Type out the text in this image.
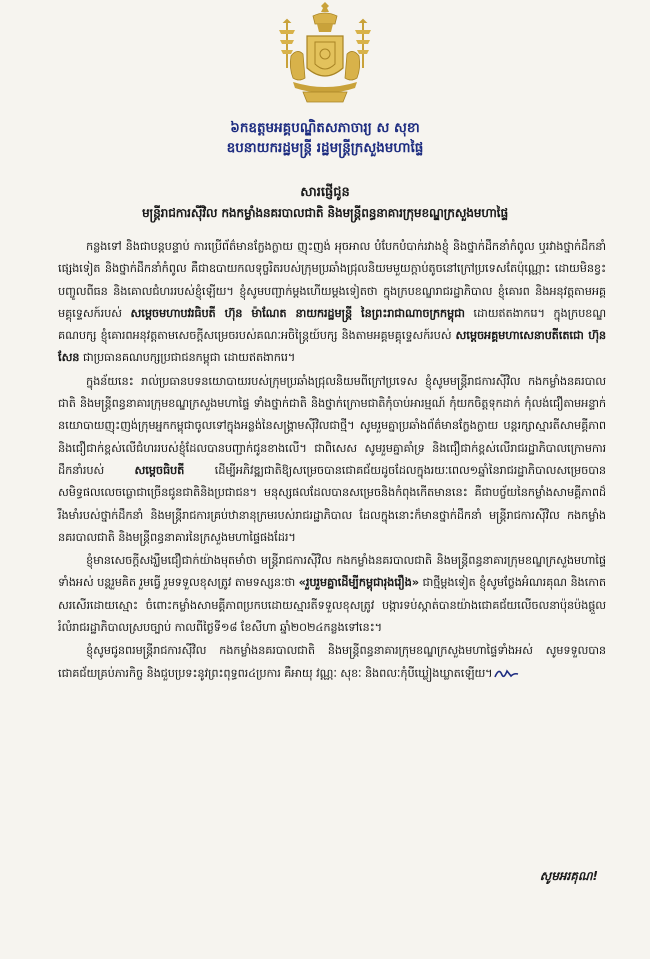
៦កឧត្តមអគ្គបណ្ឌិតសភាចារ្យ ស សុខា
ឧបនាយករដ្ឋមន្ត្រី រដ្ឋមន្ត្រីក្រសួងមហាផ្ទៃ
សារផ្ញើជូន
មន្ត្រីរាជការស៊ីវិល កងកម្លាំងនគរបាលជាតិ និងមន្ត្រីពន្ធនាគារក្រុមខណ្ឌក្រសួងមហាផ្ទៃ

កន្លងទៅ និងជាបន្តបន្ទាប់ ការប្រើព័ត៌មានក្លែងក្លាយ ញុះញង់ អុចអាល បំបែកបំបាក់រវាងខ្ញុំ និងថ្នាក់ដឹកនាំកំពូល ឬរវាងថ្នាក់ដឹកនាំផ្សេងទៀត និងថ្នាក់ដឹកនាំកំពូល គឺជាឧបាយកលទុច្ចរិតរបស់ក្រុមប្រឆាំងជ្រុលនិយមមួយក្តាប់តូចនៅក្រៅប្រទេសតែប៉ុណ្ណោះ ដោយមិនខ្វះបញ្ចូលពីធន និងគោលជំហររបស់ខ្ញុំឡើយ។ ខ្ញុំសូមបញ្ជាក់ម្តងហើយម្តងទៀតថា ក្នុងក្របខណ្ឌរាជរដ្ឋាភិបាល ខ្ញុំគោរព និងអនុវត្តតាមអគ្គមគ្គុទ្ទេសក៍របស់ សម្តេចមហាបវរធិបតី ហ៊ុន ម៉ាណែត នាយករដ្ឋមន្ត្រី នៃព្រះរាជាណាចក្រកម្ពុជា ដោយឥតងាករេ។ ក្នុងក្របខណ្ឌគណបក្ស ខ្ញុំគោរពអនុវត្តតាមសេចក្តីសម្រេចរបស់គណៈអចិន្ត្រៃយ៍បក្ស និងតាមអគ្គមគ្គុទ្ទេសក៍របស់ សម្តេចអគ្គមហាសេនាបតីតេជោ ហ៊ុន សែន ជាប្រធានគណបក្សប្រជាជនកម្ពុជា ដោយឥតងាករេ។

ក្នុងន័យនេះ រាល់ប្រធានបទនយោបាយរបស់ក្រុមប្រឆាំងជ្រុលនិយមពីក្រៅប្រទេស ខ្ញុំសូមមន្ត្រីរាជការស៊ីវិល កងកម្លាំងនគរបាលជាតិ និងមន្ត្រីពន្ធនាគារក្រុមខណ្ឌក្រសួងមហាផ្ទៃ ទាំងថ្នាក់ជាតិ និងថ្នាក់ក្រោមជាតិកុំចាប់អារម្មណ៍ កុំយកចិត្តទុកដាក់ កុំលង់ជឿតាមអន្ទាក់នយោបាយញុះញង់ក្រុមអ្នកកម្ពុជាចូលទៅក្នុងអន្លង់នៃសង្គ្រាមស៊ីវិលជាថ្មី។ សូមរួមគ្នាប្រឆាំងព័ត៌មានក្លែងក្លាយ បន្តរក្សាស្មារតីសាមគ្គីភាព និងជឿជាក់ខ្ពស់លើជំហររបស់ខ្ញុំដែលបានបញ្ជាក់ជូនខាងលើ។ ជាពិសេស សូមរួមគ្នាគាំទ្រ និងជឿជាក់ខ្ពស់លើរាជរដ្ឋាភិបាលក្រោមការដឹកនាំរបស់ សម្តេចធិបតី ដើម្បីអភិវឌ្ឍជាតិឱ្យសម្រេចបានជោគជ័យដូចដែលក្នុងរយៈពេល១ឆ្នាំនៃរាជរដ្ឋាភិបាលសម្រេចបានសមិទ្ធផលលេចធ្លោជាច្រើនជូនជាតិនិងប្រជាជន។ មនុស្សផលដែលបានសម្រេចនិងកំពុងកើតមាននេះ គឺជាបច្ច័យនៃកម្លាំងសាមគ្គីភាពដ៏រឹងមាំរបស់ថ្នាក់ដឹកនាំ និងមន្ត្រីរាជការគ្រប់ឋានានុក្រមរបស់រាជរដ្ឋាភិបាល ដែលក្នុងនោះក៏មានថ្នាក់ដឹកនាំ មន្ត្រីរាជការស៊ីវិល កងកម្លាំងនគរបាលជាតិ និងមន្ត្រីពន្ធនាគារនៃក្រសួងមហាផ្ទៃផងដែរ។

ខ្ញុំមានសេចក្តីសង្ឃឹមជឿជាក់យ៉ាងមុតមាំថា មន្ត្រីរាជការស៊ីវិល កងកម្លាំងនគរបាលជាតិ និងមន្ត្រីពន្ធនាគារក្រុមខណ្ឌក្រសួងមហាផ្ទៃទាំងអស់ បន្តរួមគិត រួមធ្វើ រួមទទួលខុសត្រូវ តាមទស្សនៈថា «រួបរួមគ្នាដើម្បីកម្ពុជារុងរឿង» ជាថ្មីម្តងទៀត ខ្ញុំសូមថ្លែងអំណរគុណ និងកោតសរសើរដោយស្មោះ ចំពោះកម្លាំងសាមគ្គីភាពប្រកបដោយស្មារតីទទួលខុសត្រូវ បង្ការទប់ស្កាត់បានយ៉ាងជោគជ័យលើចលនាប៉ុនប៉ងផ្តួលរំលំរាជរដ្ឋាភិបាលស្របច្បាប់ កាលពីថ្ងៃទី១៨ ខែសីហា ឆ្នាំ២០២៤កន្លងទៅនេះ។

ខ្ញុំសូមជូនពរមន្ត្រីរាជការស៊ីវិល កងកម្លាំងនគរបាលជាតិ និងមន្ត្រីពន្ធនាគារក្រុមខណ្ឌក្រសួងមហាផ្ទៃទាំងអស់ សូមទទួលបានជោគជ័យគ្រប់ភារកិច្ច និងជួបប្រទះនូវព្រះពុទ្ធពរ៤ប្រការ គឺអាយុ វណ្ណៈ សុខៈ និងពលៈកុំបីឃ្លៀងឃ្លាតឡើយ។

សូមអរគុណ!
